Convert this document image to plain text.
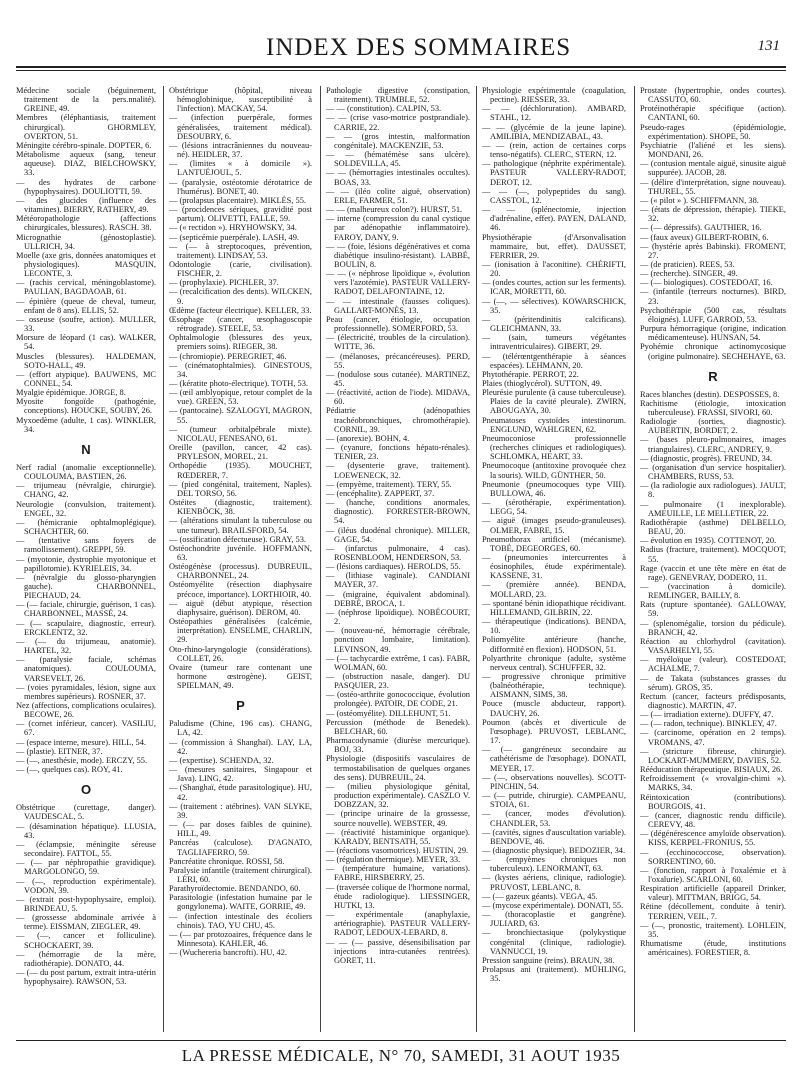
INDEX DES SOMMAIRES	131
Médecine sociale (béguinement, traitement de la pers.nnalité). GREINE, 49.
Membres (éléphantiasis, traitement chirurgical). GHORMLEY, OVERTON, 51.
Méningite cérébro-spinale. DOPTER, 6.
Métabolisme aqueux (sang, teneur aqueuse). DIAZ, BIELCHOWSKY, 33.
— des hydrates de carbone (hypophysaires). DOULIOTTI, 59.
— des glucides (influence des vitamines). BIERRY, RATHERY, 49.
Météoropathologie (affections chirurgicales, blessures). RASCH. 38.
Micrognathie (génostoplastie). ULLRICH, 34.
Moelle (axe gris, données anatomiques et physiologiques). MASQUIN, LECONTE, 3.
— (rachis cervical, méningoblastome). PAULIAN, BAGDAOAB, 61.
— épinière (queue de cheval, tumeur, enfant de 8 ans). ELLIS, 52.
— osseuse (soufre, action). MULLER, 33.
Morsure de léopard (1 cas). WALKER, 54.
Muscles (blessures). HALDEMAN, SOTO-HALL, 49.
— (effort atypique). BAUWENS, MC CONNEL, 54.
Myalgie épidémique. JORGE, 8.
Myosite fongoïde (pathogénie, conceptions). HOUCKE, SOUBY, 26.
Myxoedème (adulte, 1 cas). WINKLER, 34.
N
Nerf radial (anomalie exceptionnelle). COULOUMA, BASTIEN, 26.
— trijumeau (névralgie, chirurgie). CHANG, 42.
Neurologie (convulsion, traitement). ENGEL, 32.
— (hémicranie ophtalmoplégique). SCHACHTER, 60.
— (tentative sans foyers de ramollissement). GREPPI, 59.
— (myotonie, dystrophie myotonique et papillotomie). KYRIELEIS, 34.
— (névralgie du glosso-pharyngien gauche). CHARBONNEL, PIECHAUD, 24.
— (— faciale, chirurgie, guérison, 1 cas). CHARBONNEL, MASSÉ, 24.
— (— scapulaire, diagnostic, erreur). ERCKLENTZ, 32.
— (— du trijumeau, anatomie). HARTEL, 32.
— (paralysie faciale, schémas anatomiques). COULOUMA, VARSEVELT, 26.
— (voies pyramidales, lésion, signe aux membres supérieurs). ROSNER, 37.
Nez (affections, complications oculaires). BECOWE, 26.
— (cornet inférieur, cancer). VASILIU, 67.
— (espace interne, mesure). HILL, 54.
— (plastie). EITNER, 37.
— (—, anesthésie, mode). ERCZY, 55.
— (—, quelques cas). ROY, 41.
O
Obstétrique (curettage, danger). VAUDESCAL, 5.
— (désamination hépatique). LLUSIA, 43.
— (éclampsie, méningite séreuse secondaire). FATTOL, 55.
— (— par néphropathie gravidique). MARGOLONGO, 59.
— (—, reproduction expérimentale). VODON, 39.
— (extrait post-hypophysaire, emploi). BRINDEAU, 5.
— (grossesse abdominale arrivée à terme). EISSMAN, ZIEGLER, 49.
— (—, cancer et folliculine). SCHOCKAERT, 39.
— (hémorragie de la mère, radiothérapie). DONATO, 44.
— (— du post partum, extrait intra-utérin hypophysaire). RAWSON, 53.
Obstétrique (hôpital, niveau hémoglobinique, susceptibilité à l'infection). MACKAY, 54.
— (infection puerpérale, formes généralisées, traitement médical). DESOUBRY, 6.
— (lésions intracrâniennes du nouveau-né). HEIDLER, 37.
— (limites « à domicile »). LANTUÉJOUL, 5.
— (paralysie, ostéotomie dérotatrice de l'humérus). BONET, 40.
— (prolapsus placentaire). MIKLÉS, 55.
— (procidences sériques, gravidité post partum). OLIVETTI, FALLE, 59.
— (« rectidon »). HRYHOWSKY, 34.
— (septicémie puerpérale). LASH, 49.
— (— à streptocoques, prévention, traitement). LINDSAY, 53.
Odontologie (carie, civilisation). FISCHER, 2.
— (prophylaxie). PICHLER, 37.
— (recalcification des dents). WILCKEN, 9.
Œdème (facteur électrique). KELLER, 33.
Œsophage (cancer, œsophagoscopie rétrograde). STEELE, 53.
Ophtalmologie (blessures des yeux, premiers soins). RIEGER, 38.
— (chromiopie). PEREGRIET, 46.
— (cinématophtalmies). GINESTOUS, 34.
— (kératite photo-électrique). TOTH, 53.
— (œil amblyopique, retour complet de la vue). GREEN, 53.
— (pantocaine). SZALOGYI, MAGRON, 55.
— (tumeur orbitalpébrale mixte). NICOLAU, FENESANO, 61.
Oreille (pavillon, cancer, 42 cas). PRYLESON, MOREL, 21.
Orthopédie (1935). MOUCHET, RŒDERER, 7.
— (pied congénital, traitement, Naples). DEL TORSO, 56.
Ostéites (diagnostic, traitement). KIENBÖCK, 38.
— (altérations simulant la tuberculose ou une tumeur). BRAILSFORD, 54.
— (ossification défectueuse). GRAY, 53.
Ostéochondrite juvénile. HOFFMANN, 63.
Ostéogénèse (processus). DUBREUIL, CHARBONNEL, 24.
Ostéomyélite (résection diaphysaire précoce, importance). LORTHIOIR, 40.
— aiguë (début atypique, résection diaphysaire, guérison). DEROM, 40.
Ostéopathies généralisées (calcémie, interprétation). ENSELME, CHARLIN, 29.
Oto-rhino-laryngologie (considérations). COLLET, 26.
Ovaire (tumeur rare contenant une hormone œstrogène). GEIST, SPIELMAN, 49.
P
Paludisme (Chine, 196 cas). CHANG, LA, 42.
— (commission à Shanghaï). LAY, LA, 42.
— (expertise). SCHENDA, 32.
— (mesures sanitaires, Singapour et Java). LING, 42.
— (Shanghaï, étude parasitologique). HU, 42.
— (traitement : atébrines). VAN SLYKE, 39.
— (— par doses faibles de quinine). HILL, 49.
Pancréas (calculose). D'AGNATO, TAGLIAFERRO, 59.
Pancréatite chronique. ROSSI, 58.
Paralysie infantile (traitement chirurgical). LÉRI, 60.
Parathyroïdectomie. BENDANDO, 60.
Parasitologie (infestation humaine par le gongylonema). WAITE, GORRIE, 49.
— (infection intestinale des écoliers chinois). TAO, YU CHU, 45.
— (— par protozoaires, fréquence dans le Minnesota). KAHLER, 46.
— (Wuchereria bancrofti). HU, 42.
Pathologie digestive (constipation, traitement). TRUMBLE, 52.
— — (constitution). CALPIN, 53.
— — (crise vaso-motrice postprandiale). CARRIE, 22.
— — (gros intestin, malformation congénitale). MACKENZIE, 53.
— — (hématémèse sans ulcère). SOLDEVILLA, 45.
— — (hémorragies intestinales occultes). BOAS, 33.
— — (iléo colite aiguë, observation) ERLE, FARMER, 51.
— — (malheureux colon?). HURST, 51.
— interne (compression du canal cystique par adénopathie inflammatoire). FAROY, DANY, 9.
— — (foie, lésions dégénératives et coma diabétique insulino-résistant). LABBÉ, BOULIN, 8.
— — (« néphrose lipoïdique », évolution vers l'azotémie). PASTEUR VALLERY-RADOT, DELAFONTAINE, 12.
— — intestinale (fausses coliques). GALLART-MONÈS, 13.
Peau (cancer, étiologie, occupation professionnelle). SOMERFORD, 53.
— (électricité, troubles de la circulation). WITTE, 36.
— (mélanoses, précancéreuses). PERD, 55.
— (nodulose sous cutanée). MARTINEZ, 45.
— (réactivité, action de l'iode). MIDAVA, 60.
Pédiatrie (adénopathies trachéobronchiques, chromothérapie). CORNIL, 39.
— (anorexie). BOHN, 4.
— (cyanure, fonctions hépato-rénales). TENIER, 23.
— (dysenterie grave, traitement). LOEWENECK, 32.
— (empyème, traitement). TERY, 55.
— (encéphalite). ZAPPERT, 37.
— (hanche, conditions anormales, diagnostic). FORRESTER-BROWN, 54.
— (iléus duodénal chronique). MILLER, GAGE, 54.
— (infarctus pulmonaire, 4 cas). ROSENBLOOM, HENDERSON, 53.
— (lésions cardiaques). HEROLDS, 55.
— (lithiase vaginale). CANDIANI MAYER, 37.
— (migraine, équivalent abdominal). DEBRÉ, BROCA, 1.
— (néphrose lipoïdique). NOBÉCOURT, 2.
— (nouveau-né, hémorragie cérébrale, ponction lombaire, limitation). LEVINSON, 49.
— (— tachycardie extrême, 1 cas). FABR, WOLMAN, 60.
— (obstruction nasale, danger). DU PASQUIER, 23.
— (ostéo-arthrite gonococcique, évolution prolongée). PATOIR, DE CODE, 21.
— (ostéomyélite). DILLEHUNT, 51.
Percussion (méthode de Benedek). BELCHAR, 60.
Pharmacodynamie (diurèse mercurique). BOJ, 33.
Physiologie (dispositifs vasculaires de termostabilisation de quelques organes des sens). DUBREUIL, 24.
— (milieu physiologique génital, production expérimentale). CASZLO V. DOBZZAN, 32.
— (principe urinaire de la grossesse, source nouvelle). WEBSTER, 49.
— (réactivité histaminique organique). KARADY, BENTSATH, 55.
— (réactions vasomotrices). HUSTIN, 29.
— (régulation thermique). MEYER, 33.
— (température humaine, variations). FABRE, HIRSBERRY, 25.
— (traversée colique de l'hormone normal, étude radiologique). LIESSINGER, HUTKI, 13.
— expérimentale (anaphylaxie, artériographie). PASTEUR VALLERY-RADOT, LEDOUX-LEBARD, 8.
— — (— passive, désensibilisation par injections intra-cutanées rentrées). GORET, 11.
Physiologie expérimentale (coagulation, pectine). RIESSER, 33.
— — (déchloruration). AMBARD, STAHL, 12.
— — (glycémie de la jeune lapine). AMILIBIA, MENDIZABAL, 43.
— — (rein, action de certaines corps tenso-négatifs). CLERC, STERN, 12.
— pathologique (néphrite expérimentale). PASTEUR VALLERY-RADOT, DEROT, 12.
— — (—, polypeptides du sang). CASSTOL, 12.
— — (splénectomie, injection d'adrénaline, effet). PAYEN, DALAND, 46.
Physiothérapie (d'Arsonvalisation mammaire, but, effet). DAUSSET, FERRIER, 29.
— (ionisation à l'aconitine). CHÉRIFTI, 20.
— (ondes courtes, action sur les ferments). ICAR, MORETTI, 60.
— (—, — sélectives). KOWARSCHICK, 35.
— (péritendinitis calcificans). GLEICHMANN, 33.
— (sain, tumeurs végétantes intraventriculaires). GIBERT, 29.
— (télérœntgenthérapie à séances espacées). LEHMANN, 20.
Phytothérapie. PERROT, 22.
Plaies (thioglycérol). SUTTON, 49.
Pleurésie purulente (à cause tuberculeuse). Plaies de la cavité pleurale). ZWIRN, ABOUGAYA, 30.
Pneumatoses cystoïdes intestinorum. ENGLUND, WAHLGREN, 62.
Pneumoconiose professionnelle (recherches cliniques et radiologiques). SCHLOMKA, HEART, 33.
Pneumocoque (antitoxine provoquée chez la souris). WILD, GÜNTHER, 50.
Pneumonie (pneumocoques type VIII). BULLOWA, 46.
— (sérothérapie, expérimentation). LEGG, 54.
— aiguë (images pseudo-granuleuses). OLMER, FABRE, 15.
Pneumothorax artificiel (mécanisme). TOBÉ, DEGEORGES, 60.
— (pneumonies intercurrentes à éosinophiles, étude expérimentale). KASSENE, 31.
— (première année). BENDA, MOLLARD, 23.
— spontané bénin idiopathique récidivant. HILLEMAND, GILBRIN, 22.
— thérapeutique (indications). BENDA, 10.
Poliomyélite antérieure (hanche, difformité en flexion). HODSON, 51.
Polyarthrite chronique (adulte, système nerveux central). SCHUFFER, 32.
— progressive chronique primitive (balnéothérapie, technique). AISMANN, SIMS, 38.
Pouce (muscle abducteur, rapport). DAUCHY, 26.
Poumon (abcès et diverticule de l'œsophage). PRUVOST, LEBLANC, 17.
— (— gangréneux secondaire au cathétérisme de l'œsophage). DONATI, MEYER, 17.
— (—, observations nouvelles). SCOTT-PINCHIN, 54.
— (— putride, chirurgie). CAMPEANU, STOIA, 61.
— (cancer, modes d'évolution). CHANDLER, 53.
— (cavités, signes d'auscultation variable). BENDOVE, 46.
— (diagnostic physique). BEDOZIER, 34.
— (empyèmes chroniques non tuberculeux). LENORMANT, 63.
— (kystes aériens, clinique, radiologie). PRUVOST, LEBLANC, 8.
— (— gazeux géants). VEGA, 45.
— (mycose expérimentale). DONATI, 55.
— (thoracoplastie et gangrène). JULIARD, 63.
— bronchiectasique (polykystique congénital (clinique, radiologie). VANNUCCI, 19.
Pression sanguine (reins). BRAUN, 38.
Prolapsus ani (traitement). MÜHLING, 35.
Prostate (hypertrophie, ondes courtes). CASSUTO, 60.
Protéinothérapie spécifique (action). CANTANI, 60.
Pseudo-rages (épidémiologie, expérimentation). SHOPE, 50.
Psychiatrie (l'aliéné et les siens). MONDANI, 26.
— (contusion mentale aiguë, sinusite aiguë suppurée). JACOB, 28.
— (délire d'interprétation, signe nouveau). THUREL, 55.
— (« pilot » ). SCHIFFMANN, 38.
— (états de dépression, thérapie). TIEKE, 32.
— (— dépressifs). GAUTHIER, 16.
— (faux aveux) GILBERT-ROBIN, 6.
— (hystérie après Babinski). FROMENT, 27.
— (de praticien). REES, 53.
— (recherche). SINGER, 49.
— (— biologiques). COSTEDOAT, 16.
— (infantile (terreurs nocturnes). BIRD, 23.
Psychothérapie (500 cas, résultats éloignés). LUFF, GARROD, 53.
Purpura hémorragique (origine, indication médicamenteuse). HUNSAN, 54.
Pyohémie chronique actinomycosique (origine pulmonaire). SECHEHAYE, 63.
R
Races blanches (destin). DESPOSSES, 8.
Rachitisme (étiologie, intoxication tuberculeuse). FRASSI, SIVORI, 60.
Radiologie (sorties, diagnostic). AUBERTIN, BORDET, 2.
— (bases pleuro-pulmonaires, images triangulaires). CLERC, ANDREY, 9.
— (diagnostic, progrès). FREUND, 34.
— (organisation d'un service hospitalier). CHAMBERS, RUSS, 53.
— (la radiologie aux radiologues). JAULT, 8.
— pulmonaire (1 inexplorable). AMEUILLE, LE MELLETIER, 22.
Radiothérapie (asthme) DELBELLO, BEAU, 20.
— évolution en 1935). COTTENOT, 20.
Radius (fracture, traitement). MOCQUOT, 55.
Rage (vaccin et une tête mère en état de rage). GENEVRAY, DODERO, 11.
— (vaccination à domicile). REMLINGER, BAILLY, 8.
Rats (rupture spontanée). GALLOWAY, 59.
— (splenomégalie, torsion du pédicule). BRANCH, 42.
Réaction au chlorhydrol (cavitation). VASARHELYI, 55.
— myéloïque (valeur). COSTEDOAT, ACHALME, 7.
— de Takata (substances grasses du sérum). GROS, 35.
Rectum (cancer, facteurs prédisposants, diagnostic). MARTIN, 47.
— (— irradiation externe). DUFFY, 47.
— (— radon, technique). BINKLEY, 47.
— (carcinome, opération en 2 temps). VROMANS, 47.
— (stricture fibreuse, chirurgie). LOCKART-MUMMERY, DAVIES, 52.
Rééducation thérapeutique. BISIAUX, 26.
Refroidissement (« vrovalgin-chimi »). MARKS, 34.
Réintoxication (contributions). BOURGOIS, 41.
— (cancer, diagnostic rendu difficile). CEREVY, 48.
— (dégénérescence amyloïde observation). KISS, KERPEL-FRONIUS, 55.
— (ecchinococcose, observation). SORRENTINO, 60.
— (fonction, rapport à l'oxalémie et à l'oxalurie). SCARLONI, 60.
Respiration artificielle (appareil Drinker, valeur). MITTMAN, BRIGG, 54.
Rétine (décollement, conduite à tenir). TERRIEN, VEIL, 7.
— (—, pronostic, traitement). LOHLEIN, 35.
Rhumatisme (étude, institutions américaines). FORESTIER, 8.
LA PRESSE MÉDICALE, N° 70, SAMEDI, 31 AOUT 1935
